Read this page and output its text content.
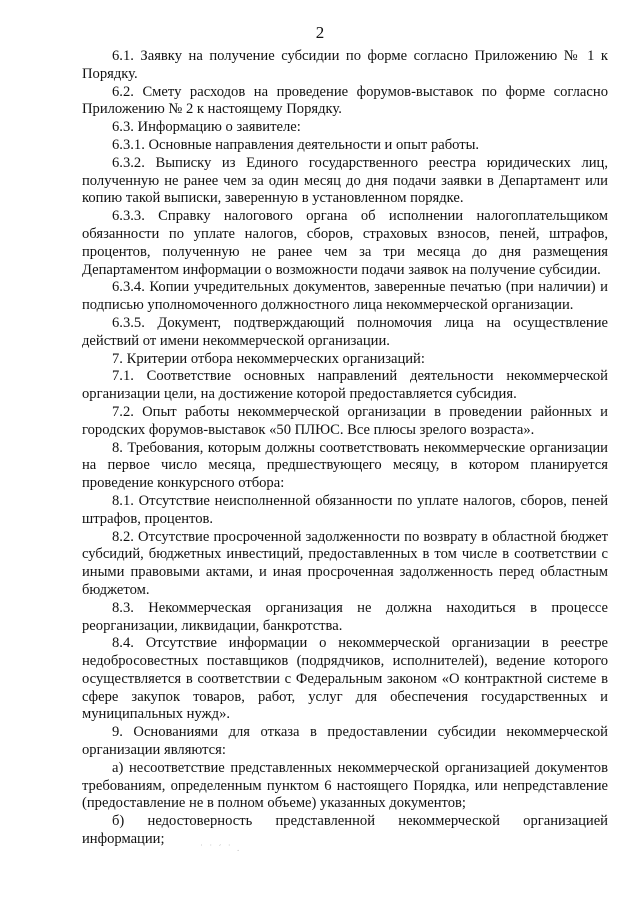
2

6.1. Заявку на получение субсидии по форме согласно Приложению № 1 к Порядку.

6.2. Смету расходов на проведение форумов-выставок по форме согласно Приложению № 2 к настоящему Порядку.

6.3. Информацию о заявителе:

6.3.1. Основные направления деятельности и опыт работы.

6.3.2. Выписку из Единого государственного реестра юридических лиц, полученную не ранее чем за один месяц до дня подачи заявки в Департамент или копию такой выписки, заверенную в установленном порядке.

6.3.3. Справку налогового органа об исполнении налогоплательщиком обязанности по уплате налогов, сборов, страховых взносов, пеней, штрафов, процентов, полученную не ранее чем за три месяца до дня размещения Департаментом информации о возможности подачи заявок на получение субсидии.

6.3.4. Копии учредительных документов, заверенные печатью (при наличии) и подписью уполномоченного должностного лица некоммерческой организации.

6.3.5. Документ, подтверждающий полномочия лица на осуществление действий от имени некоммерческой организации.

7. Критерии отбора некоммерческих организаций:

7.1. Соответствие основных направлений деятельности некоммерческой организации цели, на достижение которой предоставляется субсидия.

7.2. Опыт работы некоммерческой организации в проведении районных и городских форумов-выставок «50 ПЛЮС. Все плюсы зрелого возраста».

8. Требования, которым должны соответствовать некоммерческие организации на первое число месяца, предшествующего месяцу, в котором планируется проведение конкурсного отбора:

8.1. Отсутствие неисполненной обязанности по уплате налогов, сборов, пеней штрафов, процентов.

8.2. Отсутствие просроченной задолженности по возврату в областной бюджет субсидий, бюджетных инвестиций, предоставленных в том числе в соответствии с иными правовыми актами, и иная просроченная задолженность перед областным бюджетом.

8.3. Некоммерческая организация не должна находиться в процессе реорганизации, ликвидации, банкротства.

8.4. Отсутствие информации о некоммерческой организации в реестре недобросовестных поставщиков (подрядчиков, исполнителей), ведение которого осуществляется в соответствии с Федеральным законом «О контрактной системе в сфере закупок товаров, работ, услуг для обеспечения государственных и муниципальных нужд».

9. Основаниями для отказа в предоставлении субсидии некоммерческой организации являются:

а) несоответствие представленных некоммерческой организацией документов требованиям, определенным пунктом 6 настоящего Порядка, или непредставление (предоставление не в полном объеме) указанных документов;

б) недостоверность представленной некоммерческой организацией информации;

˙ ˙ ´ ˙ .
